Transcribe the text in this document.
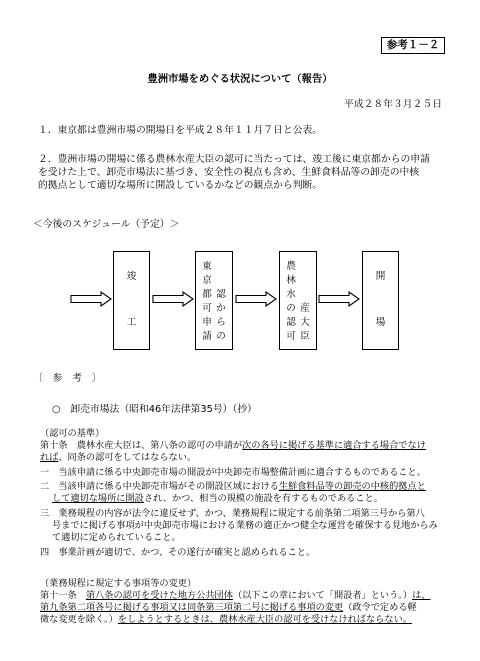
参考１－２
豊洲市場をめぐる状況について（報告）
平成２８年３月２５日
１．東京都は豊洲市場の開場日を平成２８年１１月７日と公表。
２．豊洲市場の開場に係る農林水産大臣の認可に当たっては、竣工後に東京都からの申請
を受けた上で、卸売市場法に基づき、安全性の視点も含め、生鮮食料品等の卸売の中核
的拠点として適切な場所に開設しているかなどの観点から判断。
＜今後のスケジュール（予定）＞
竣
工
東
京
都
可
申
請
認
か
ら
の
農
林
水
の
認
可
産
大
臣
開
場
〔　参　考　〕
○　卸売市場法（昭和46年法律第35号）（抄）
（認可の基準）
第十条　農林水産大臣は、第八条の認可の申請が次の各号に掲げる基準に適合する場合でなけ
れば、同条の認可をしてはならない。
一　当該申請に係る中央卸売市場の開設が中央卸売市場整備計画に適合するものであること。
二　当該申請に係る中央卸売市場がその開設区域における生鮮食料品等の卸売の中核的拠点と
して適切な場所に開設され、かつ、相当の規模の施設を有するものであること。
三　業務規程の内容が法令に違反せず、かつ、業務規程に規定する前条第二項第三号から第八
号までに掲げる事項が中央卸売市場における業務の適正かつ健全な運営を確保する見地からみ
て適切に定められていること。
四　事業計画が適切で、かつ、その遂行が確実と認められること。
（業務規程に規定する事項等の変更）
第十一条　第八条の認可を受けた地方公共団体（以下この章において「開設者」という。）は、
第九条第二項各号に掲げる事項又は同条第三項第二号に掲げる事項の変更（政令で定める軽
微な変更を除く。）をしようとするときは、農林水産大臣の認可を受けなければならない。
